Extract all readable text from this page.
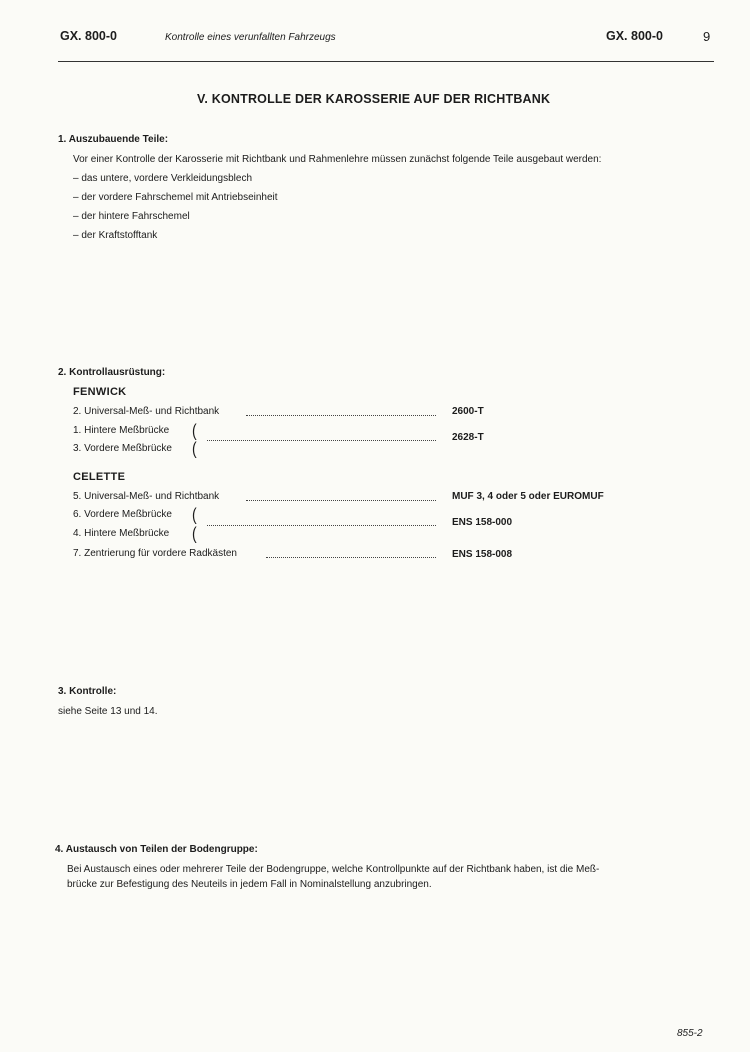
GX. 800-0	Kontrolle eines verunfallten Fahrzeugs	GX. 800-0	9
V. KONTROLLE DER KAROSSERIE AUF DER RICHTBANK
1. Auszubauende Teile:
Vor einer Kontrolle der Karosserie mit Richtbank und Rahmenlehre müssen zunächst folgende Teile ausgebaut werden:
– das untere, vordere Verkleidungsblech
– der vordere Fahrschemel mit Antriebseinheit
– der hintere Fahrschemel
– der Kraftstofftank
2. Kontrollausrüstung:
FENWICK
2. Universal-Meß- und Richtbank	2600-T
1. Hintere Meßbrücke (
3. Vordere Meßbrücke (
2628-T
CELETTE
5. Universal-Meß- und Richtbank	MUF 3, 4 oder 5 oder EUROMUF
6. Vordere Meßbrücke (
4. Hintere Meßbrücke (
ENS 158-000
7. Zentrierung für vordere Radkästen	ENS 158-008
3. Kontrolle:
siehe Seite 13 und 14.
4. Austausch von Teilen der Bodengruppe:
Bei Austausch eines oder mehrerer Teile der Bodengruppe, welche Kontrollpunkte auf der Richtbank haben, ist die Meß-
brücke zur Befestigung des Neuteils in jedem Fall in Nominalstellung anzubringen.
855-2
